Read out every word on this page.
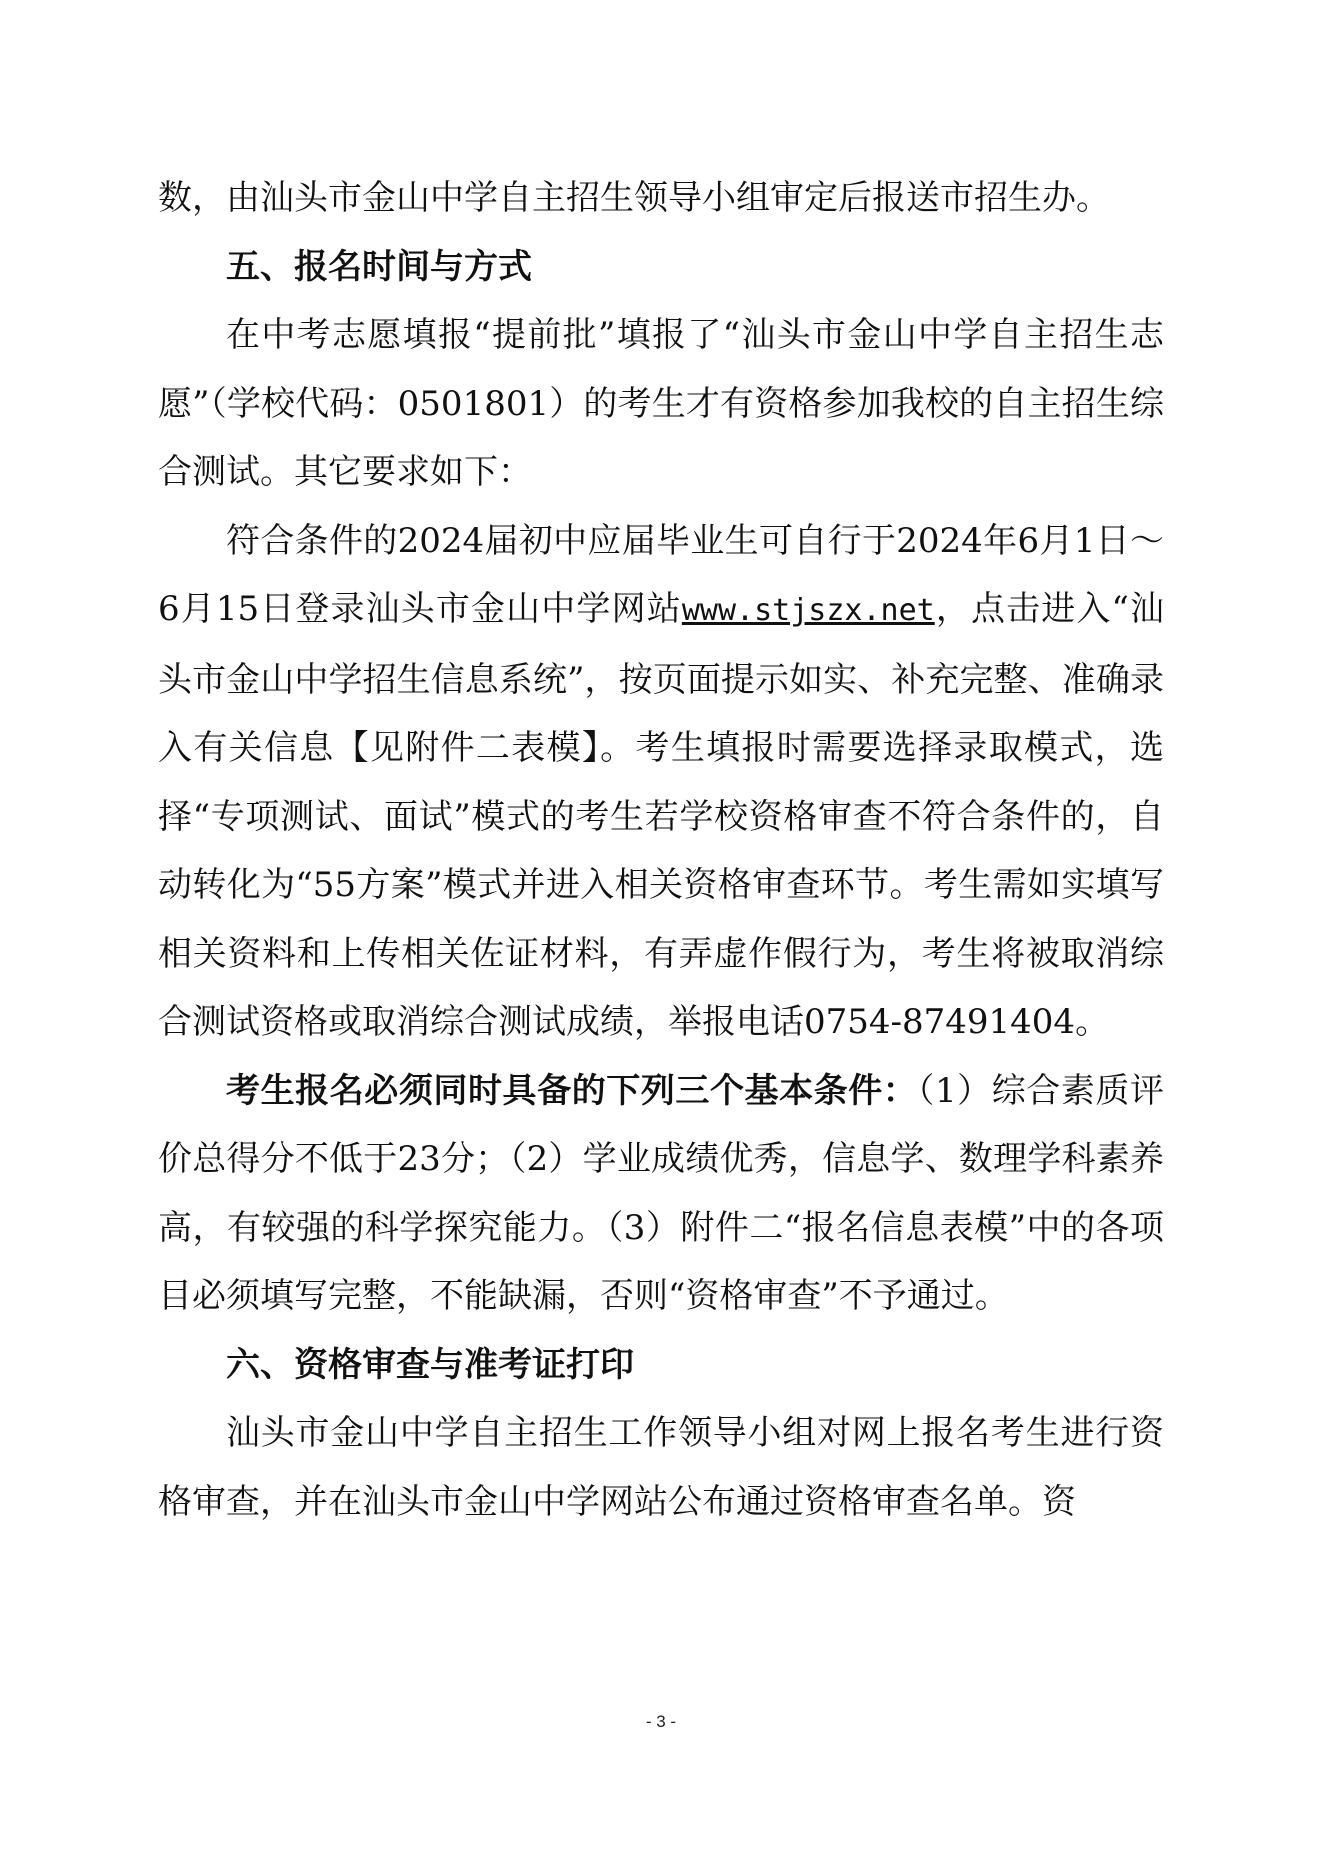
数，由汕头市金山中学自主招生领导小组审定后报送市招生办。

五、报名时间与方式

在中考志愿填报“提前批”填报了“汕头市金山中学自主招生志愿”（学校代码：0501801）的考生才有资格参加我校的自主招生综合测试。其它要求如下：

符合条件的2024届初中应届毕业生可自行于2024年6月1日～6月15日登录汕头市金山中学网站www.stjszx.net，点击进入“汕头市金山中学招生信息系统”，按页面提示如实、补充完整、准确录入有关信息【见附件二表模】。考生填报时需要选择录取模式，选择“专项测试、面试”模式的考生若学校资格审查不符合条件的，自动转化为“55方案”模式并进入相关资格审查环节。考生需如实填写相关资料和上传相关佐证材料，有弄虚作假行为，考生将被取消综合测试资格或取消综合测试成绩，举报电话0754-87491404。

考生报名必须同时具备的下列三个基本条件：（1）综合素质评价总得分不低于23分；（2）学业成绩优秀，信息学、数理学科素养高，有较强的科学探究能力。（3）附件二“报名信息表模”中的各项目必须填写完整，不能缺漏，否则“资格审查”不予通过。

六、资格审查与准考证打印

汕头市金山中学自主招生工作领导小组对网上报名考生进行资格审查，并在汕头市金山中学网站公布通过资格审查名单。资

- 3 -
